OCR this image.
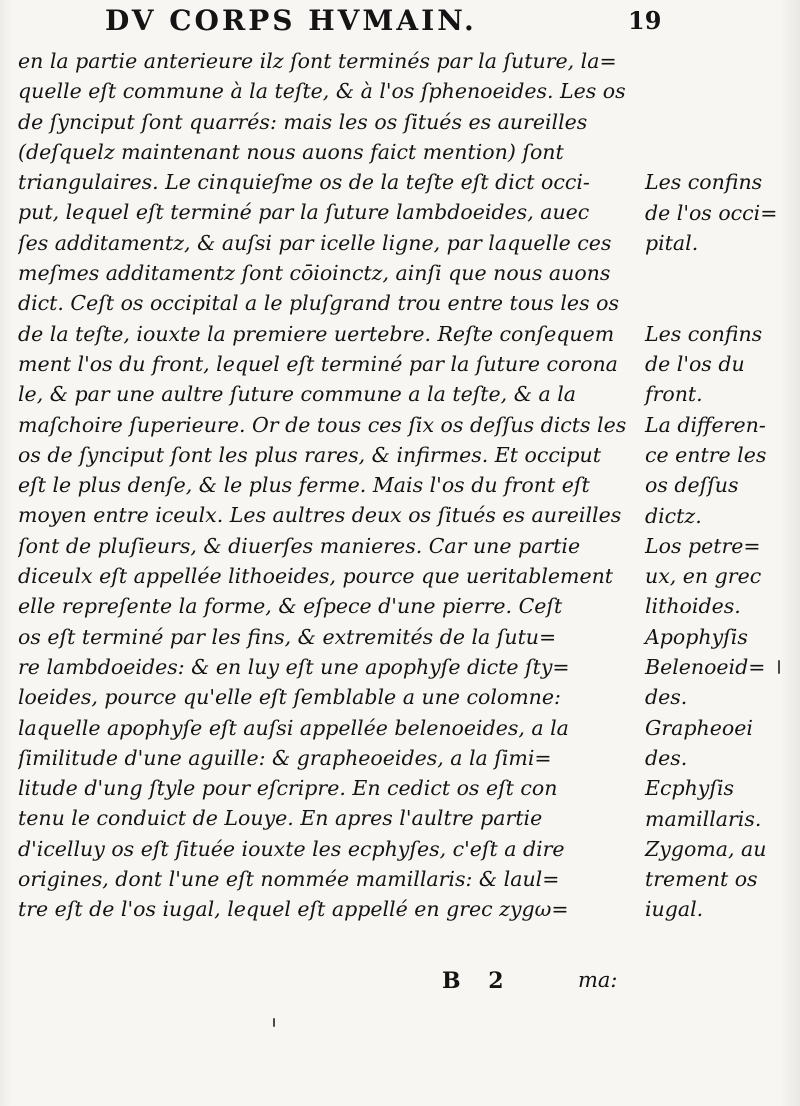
DV CORPS HVMAIN.	19
en la partie anterieure ilz ſont terminés par la ſuture, la=
quelle eſt commune à la teſte, & à l'os ſphenoeides. Les os
de ſynciput ſont quarrés: mais les os ſitués es aureilles
(deſquelz maintenant nous auons faict mention) ſont
triangulaires. Le cinquieſme os de la teſte eſt dict occi-
put, lequel eſt terminé par la ſuture lambdoeides, auec
ſes additamentz, & auſsi par icelle ligne, par laquelle ces
meſmes additamentz ſont cōioinctz, ainſi que nous auons
dict. Ceſt os occipital a le pluſgrand trou entre tous les os
de la teſte, iouxte la premiere uertebre. Reſte conſequem
ment l'os du front, lequel eſt terminé par la ſuture corona
le, & par une aultre ſuture commune a la teſte, & a la
maſchoire ſuperieure. Or de tous ces ſix os deſſus dicts les
os de ſynciput ſont les plus rares, & infirmes. Et occiput
eſt le plus denſe, & le plus ferme. Mais l'os du front eſt
moyen entre iceulx. Les aultres deux os ſitués es aureilles
ſont de pluſieurs, & diuerſes manieres. Car une partie
diceulx eſt appellée lithoeides, pource que ueritablement
elle repreſente la forme, & eſpece d'une pierre. Ceſt
os eſt terminé par les fins, & extremités de la ſutu=
re lambdoeides: & en luy eſt une apophyſe dicte ſty=
loeides, pource qu'elle eſt ſemblable a une colomne:
laquelle apophyſe eſt auſsi appellée belenoeides, a la
ſimilitude d'une aguille: & grapheoeides, a la ſimi=
litude d'ung ſtyle pour eſcripre. En cedict os eſt con
tenu le conduict de Louye. En apres l'aultre partie
d'icelluy os eſt ſituée iouxte les ecphyſes, c'eſt a dire
origines, dont l'une eſt nommée mamillaris: & laul=
tre eſt de l'os iugal, lequel eſt appellé en grec zygω=
Les confins
de l'os occi=
pital.
Les confins
de l'os du
front.
La differen-
ce entre les
os deſſus
dictz.
Los petre=
ux, en grec
lithoides.
Apophyſis
Belenoeid=
des.
Grapheoei
des.
Ecphyſis
mamillaris.
Zygoma, au
trement os
iugal.
B 2	ma:
